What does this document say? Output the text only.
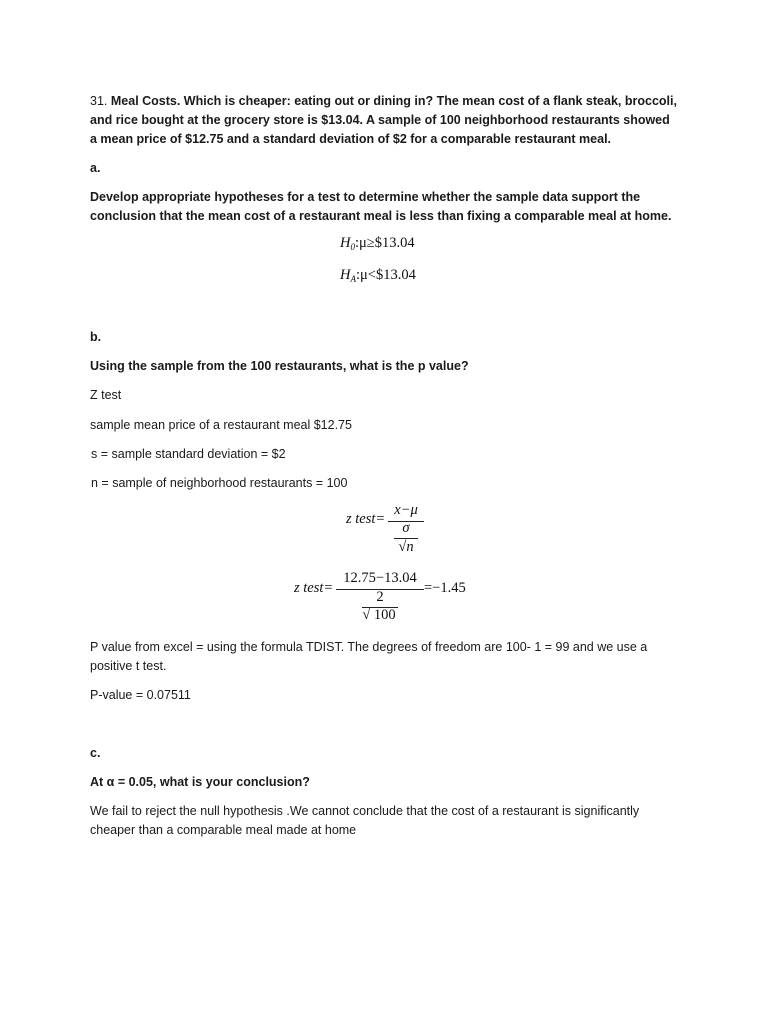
31. Meal Costs. Which is cheaper: eating out or dining in? The mean cost of a flank steak, broccoli, and rice bought at the grocery store is $13.04. A sample of 100 neighborhood restaurants showed a mean price of $12.75 and a standard deviation of $2 for a comparable restaurant meal.

a.

Develop appropriate hypotheses for a test to determine whether the sample data support the conclusion that the mean cost of a restaurant meal is less than fixing a comparable meal at home.

$H_0:\mu\ge\$13.04$
$H_A:\mu<\$13.04$

b.

Using the sample from the 100 restaurants, what is the p value?

Z test

sample mean price of a restaurant meal $12.75

s = sample standard deviation = $2

n = sample of neighborhood restaurants = 100

z test=
x−μ
σ
√n
z test=
12.75−13.04
2
√ 100
=−1.45

P value from excel = using the formula TDIST. The degrees of freedom are 100- 1 = 99 and we use a positive t test.

P-value = 0.07511

c.

At α = 0.05, what is your conclusion?

We fail to reject the null hypothesis .We cannot conclude that the cost of a restaurant is significantly cheaper than a comparable meal made at home
